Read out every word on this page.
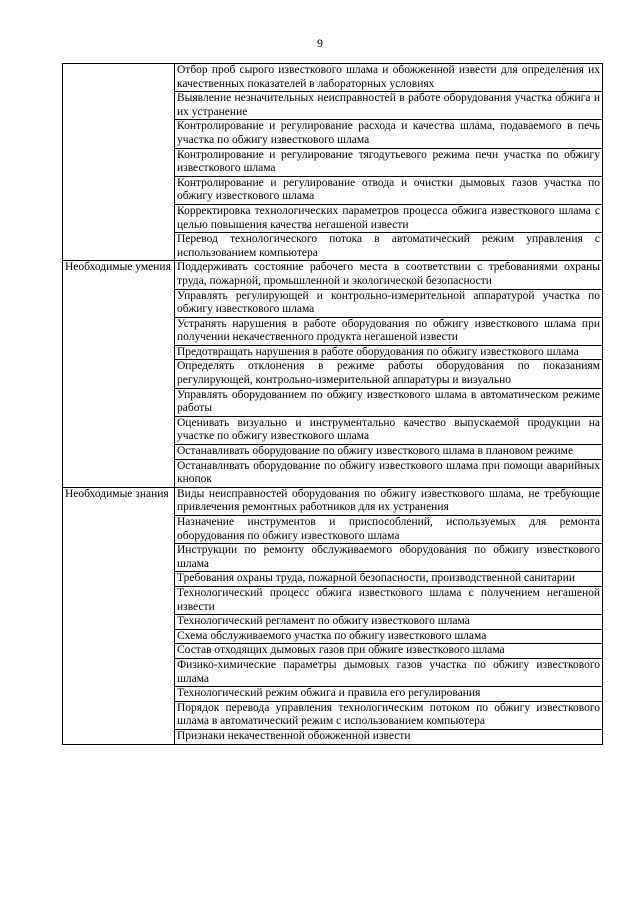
9
	Отбор проб сырого известкового шлама и обожженной извести для определения их качественных показателей в лабораторных условиях
	Выявление незначительных неисправностей в работе оборудования участка обжига и их устранение
	Контролирование и регулирование расхода и качества шлама, подаваемого в печь участка по обжигу известкового шлама
	Контролирование и регулирование тягодутьевого режима печи участка по обжигу известкового шлама
	Контролирование и регулирование отвода и очистки дымовых газов участка по обжигу известкового шлама
	Корректировка технологических параметров процесса обжига известкового шлама с целью повышения качества негашеной извести
	Перевод технологического потока в автоматический режим управления с использованием компьютера
Необходимые умения	Поддерживать состояние рабочего места в соответствии с требованиями охраны труда, пожарной, промышленной и экологической безопасности
	Управлять регулирующей и контрольно-измерительной аппаратурой участка по обжигу известкового шлама
	Устранять нарушения в работе оборудования по обжигу известкового шлама при получении некачественного продукта негашеной извести
	Предотвращать нарушения в работе оборудования по обжигу известкового шлама
	Определять отклонения в режиме работы оборудования по показаниям регулирующей, контрольно-измерительной аппаратуры и визуально
	Управлять оборудованием по обжигу известкового шлама в автоматическом режиме работы
	Оценивать визуально и инструментально качество выпускаемой продукции на участке по обжигу известкового шлама
	Останавливать оборудование по обжигу известкового шлама в плановом режиме
	Останавливать оборудование по обжигу известкового шлама при помощи аварийных кнопок
Необходимые знания	Виды неисправностей оборудования по обжигу известкового шлама, не требующие привлечения ремонтных работников для их устранения
	Назначение инструментов и приспособлений, используемых для ремонта оборудования по обжигу известкового шлама
	Инструкции по ремонту обслуживаемого оборудования по обжигу известкового шлама
	Требования охраны труда, пожарной безопасности, производственной санитарии
	Технологический процесс обжига известкового шлама с получением негашеной извести
	Технологический регламент по обжигу известкового шлама
	Схема обслуживаемого участка по обжигу известкового шлама
	Состав отходящих дымовых газов при обжиге известкового шлама
	Физико-химические параметры дымовых газов участка по обжигу известкового шлама
	Технологический режим обжига и правила его регулирования
	Порядок перевода управления технологическим потоком по обжигу известкового шлама в автоматический режим с использованием компьютера
	Признаки некачественной обожженной извести
